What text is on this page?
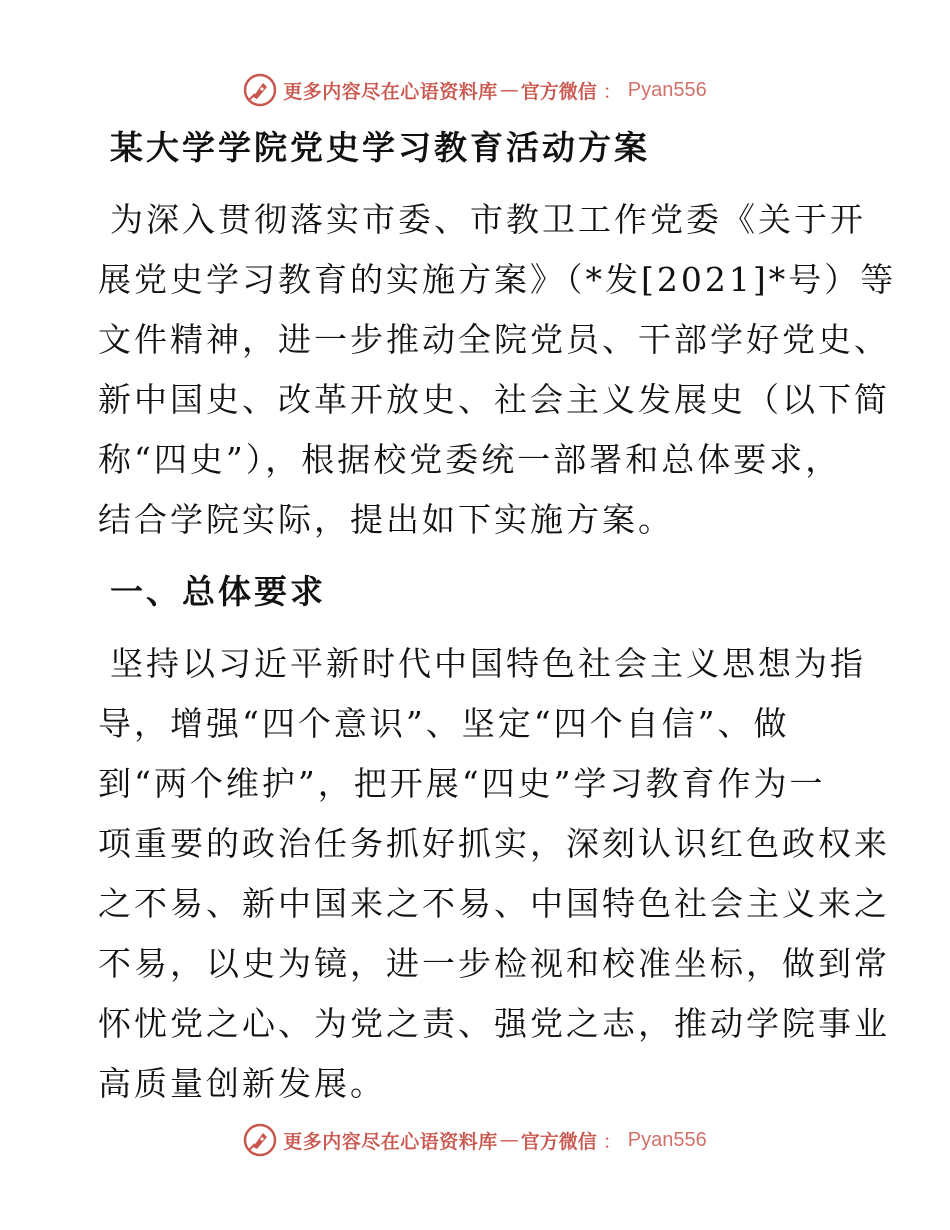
更多内容尽在心语资料库 — 官方微信 ： Pyan556
某大学学院党史学习教育活动方案

为深入贯彻落实市委、市教卫工作党委《关于开
展党史学习教育的实施方案》（*发[2021]*号）等
文件精神，进一步推动全院党员、干部学好党史、
新中国史、改革开放史、社会主义发展史（以下简
称“四史”），根据校党委统一部署和总体要求，
结合学院实际，提出如下实施方案。

一、总体要求

坚持以习近平新时代中国特色社会主义思想为指
导，增强“四个意识”、坚定“四个自信”、做
到“两个维护”，把开展“四史”学习教育作为一
项重要的政治任务抓好抓实，深刻认识红色政权来
之不易、新中国来之不易、中国特色社会主义来之
不易，以史为镜，进一步检视和校准坐标，做到常
怀忧党之心、为党之责、强党之志，推动学院事业
高质量创新发展。

更多内容尽在心语资料库 — 官方微信 ： Pyan556
